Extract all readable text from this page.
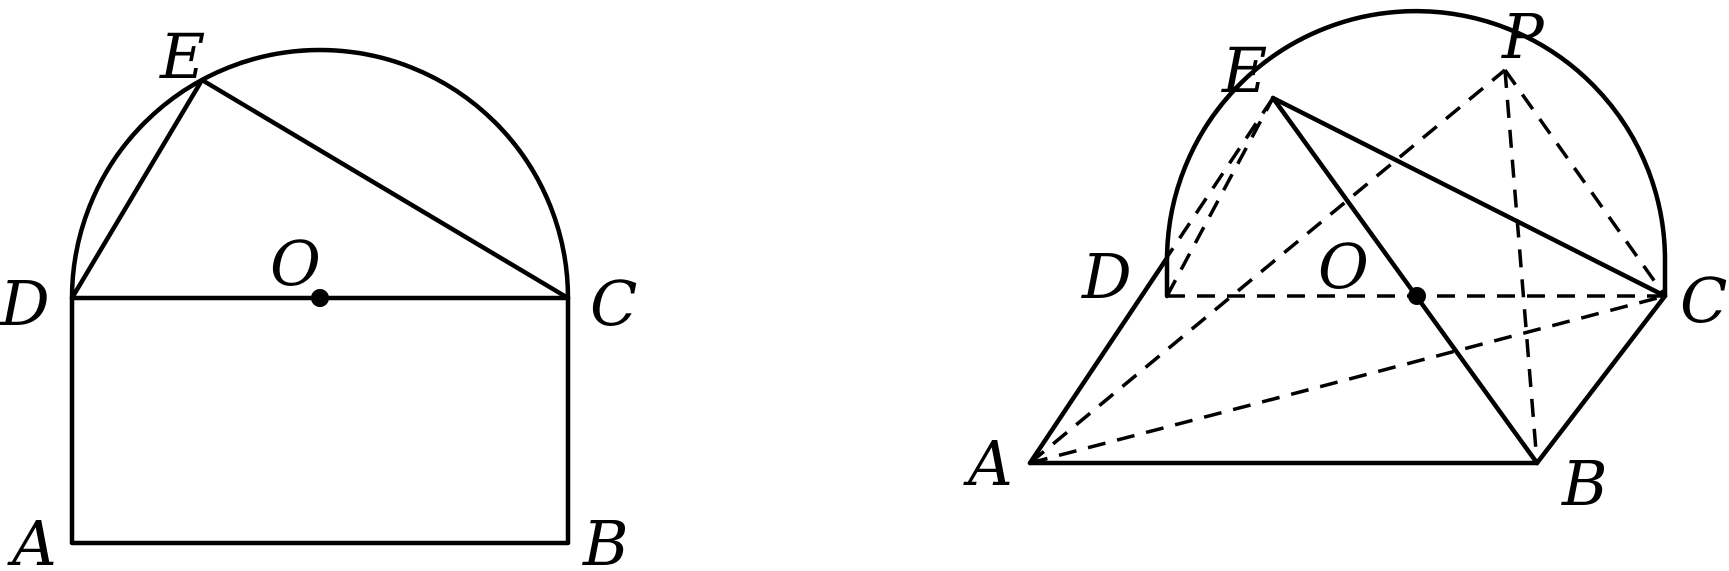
E
O
D	C
A	B
E	P
D	O	C
A	B
